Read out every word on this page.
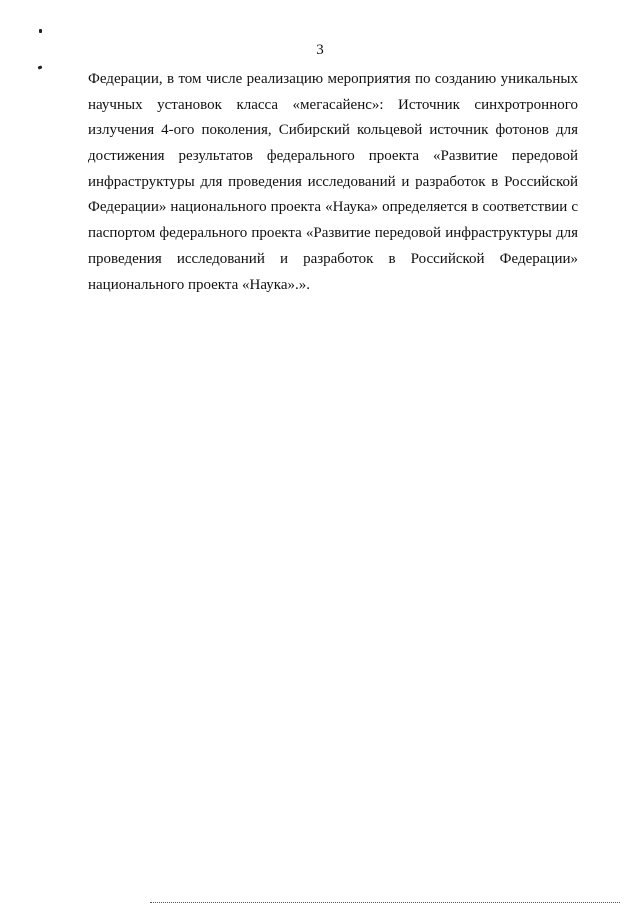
3
Федерации, в том числе реализацию мероприятия по созданию уникальных
научных установок класса «мегасайенс»: Источник синхротронного
излучения 4-ого поколения, Сибирский кольцевой источник фотонов для
достижения результатов федерального проекта «Развитие передовой
инфраструктуры для проведения исследований и разработок в Российской
Федерации» национального проекта «Наука» определяется в соответствии с
паспортом федерального проекта «Развитие передовой инфраструктуры для
проведения исследований и разработок в Российской Федерации»
национального проекта «Наука».».
